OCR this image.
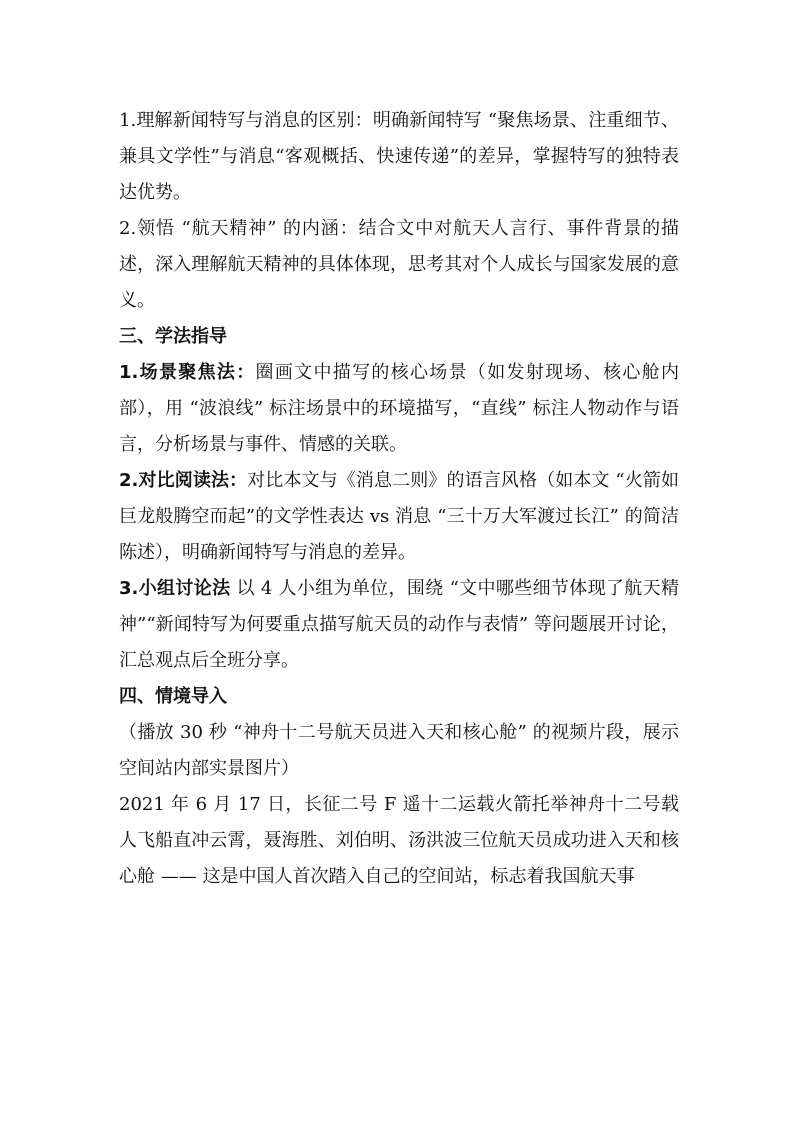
1.理解新闻特写与消息的区别：明确新闻特写 “聚焦场景、注重细节、兼具文学性”与消息“客观概括、快速传递”的差异，掌握特写的独特表达优势。

2.领悟 “航天精神” 的内涵：结合文中对航天人言行、事件背景的描述，深入理解航天精神的具体体现，思考其对个人成长与国家发展的意义。

三、学法指导

1.场景聚焦法：圈画文中描写的核心场景（如发射现场、核心舱内部），用 “波浪线” 标注场景中的环境描写，“直线” 标注人物动作与语言，分析场景与事件、情感的关联。

2.对比阅读法：对比本文与《消息二则》的语言风格（如本文 “火箭如巨龙般腾空而起”的文学性表达 vs 消息 “三十万大军渡过长江” 的简洁陈述），明确新闻特写与消息的差异。

3.小组讨论法 以 4 人小组为单位，围绕 “文中哪些细节体现了航天精神”“新闻特写为何要重点描写航天员的动作与表情” 等问题展开讨论，汇总观点后全班分享。

四、情境导入

（播放 30 秒 “神舟十二号航天员进入天和核心舱” 的视频片段，展示空间站内部实景图片）

2021 年 6 月 17 日，长征二号 F 遥十二运载火箭托举神舟十二号载人飞船直冲云霄，聂海胜、刘伯明、汤洪波三位航天员成功进入天和核心舱 —— 这是中国人首次踏入自己的空间站，标志着我国航天事
